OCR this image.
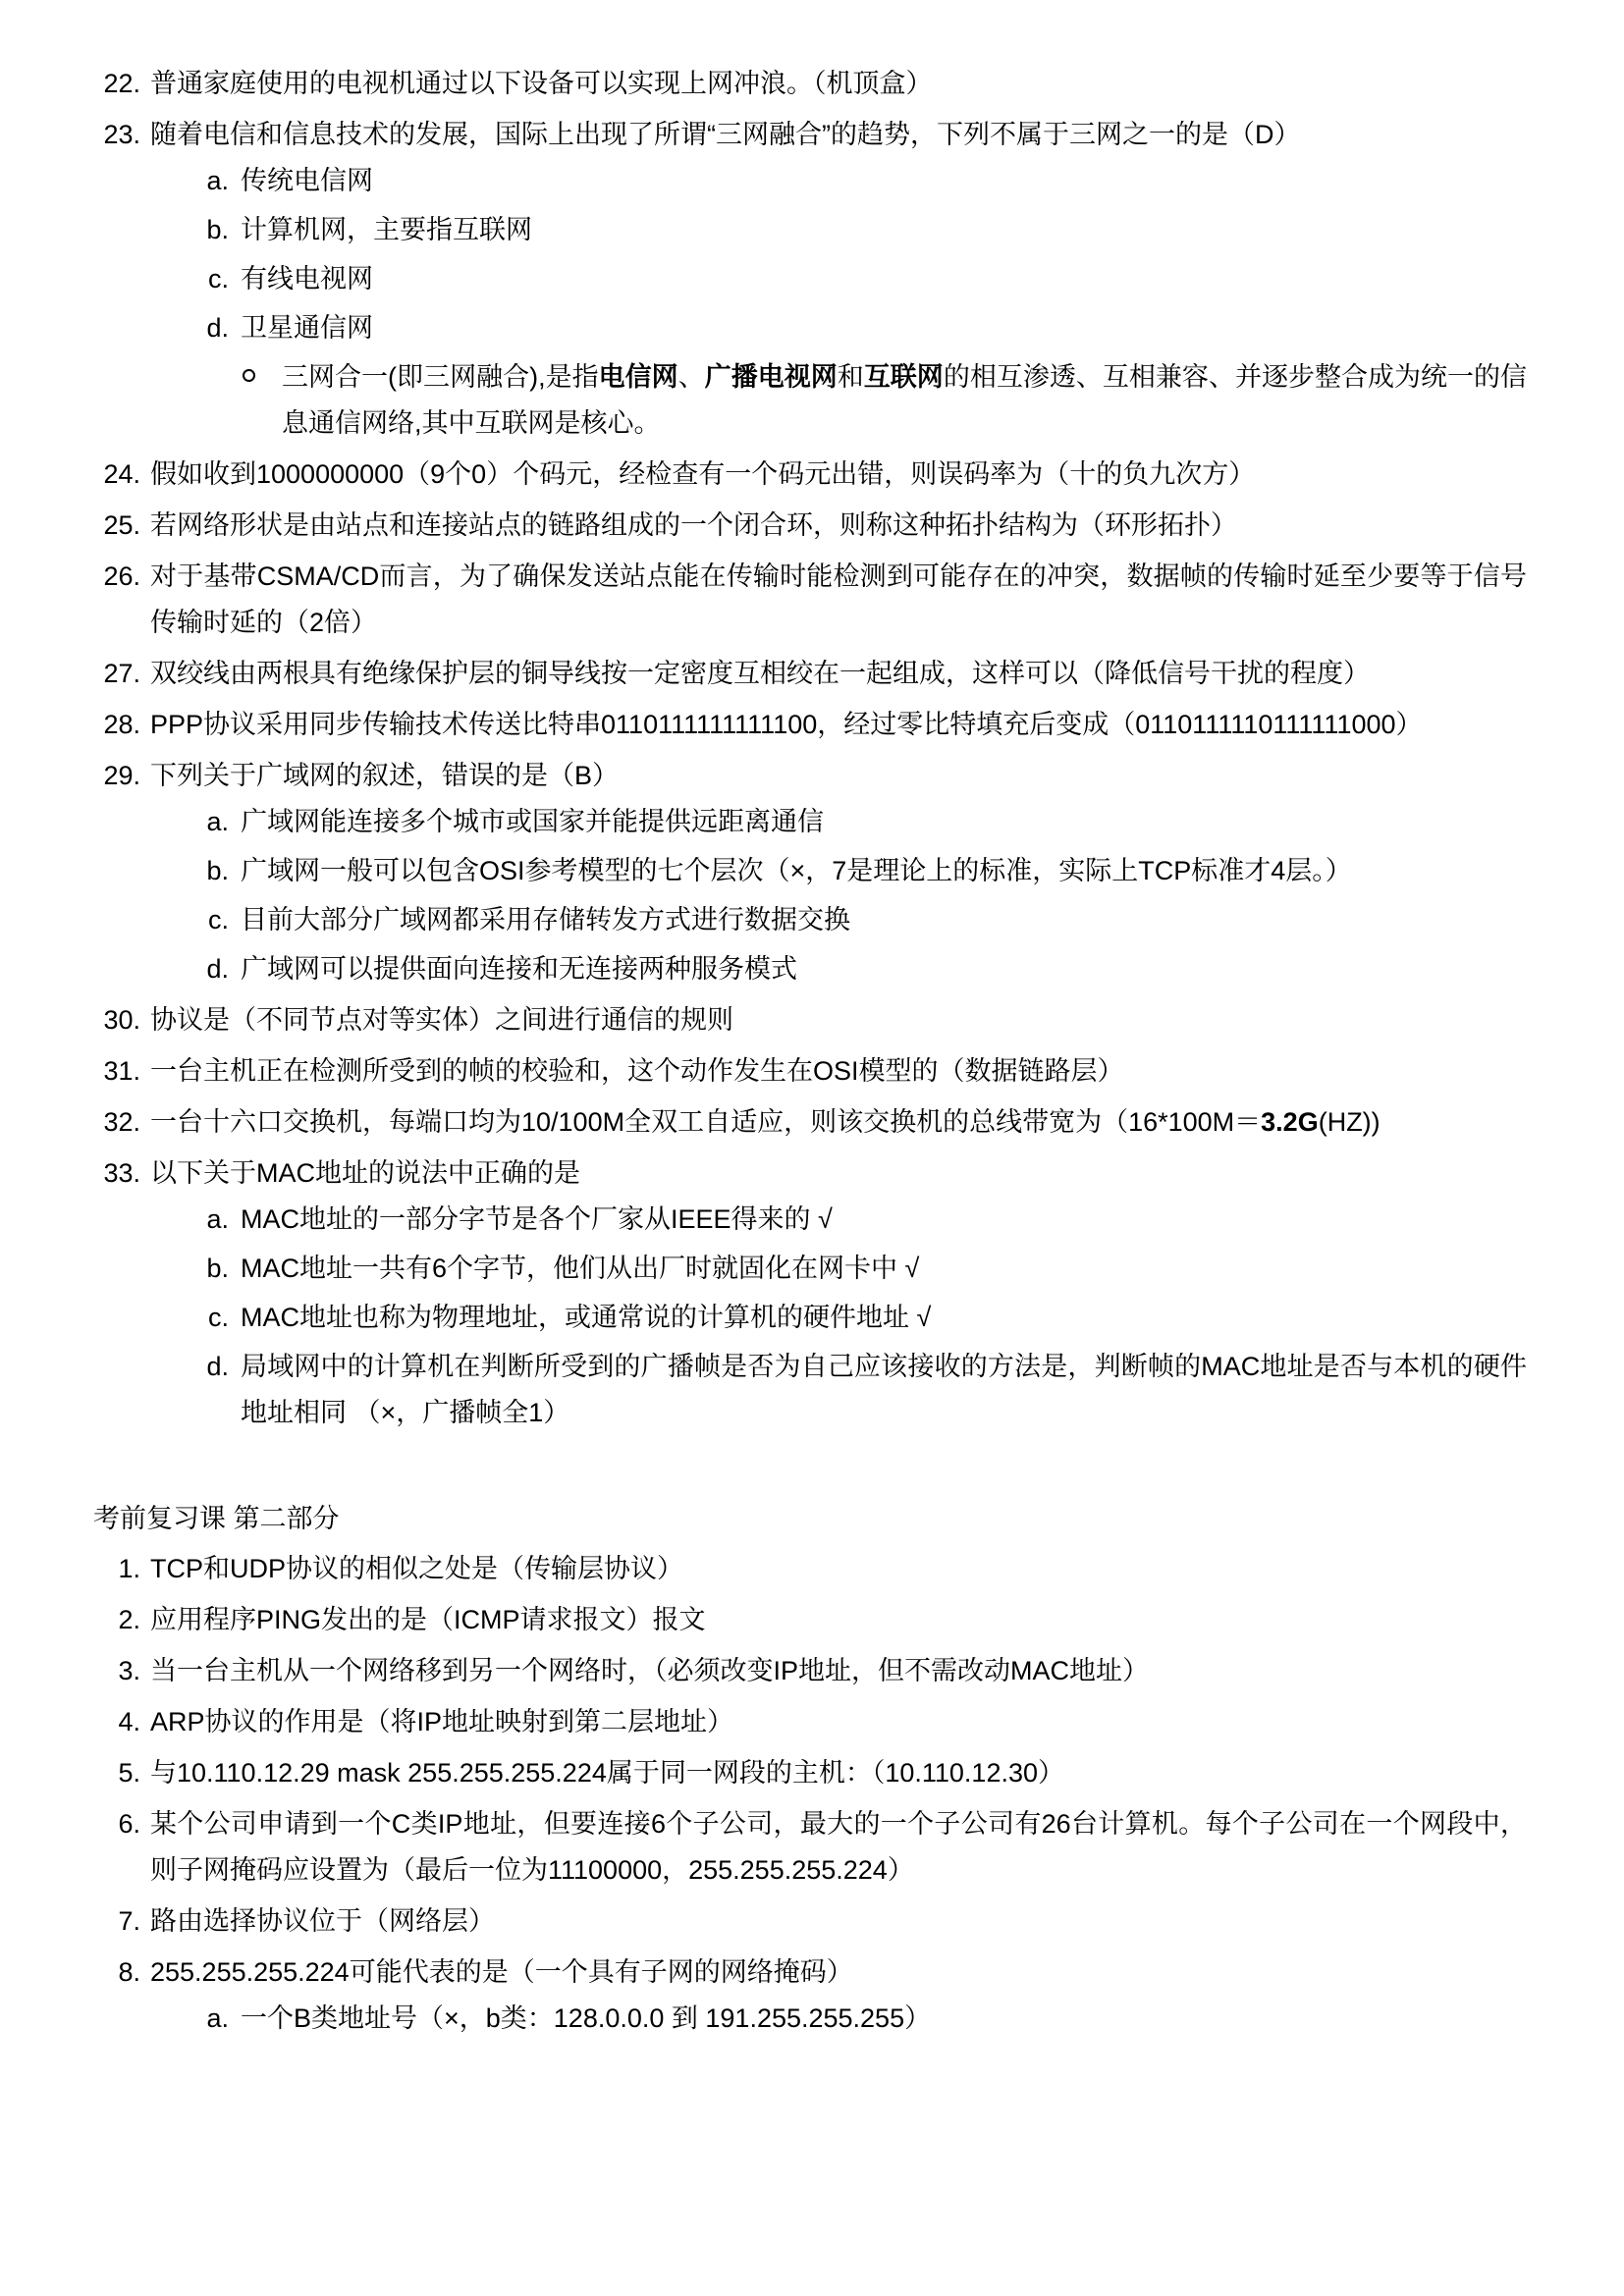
22. 普通家庭使用的电视机通过以下设备可以实现上网冲浪。（机顶盒）
23. 随着电信和信息技术的发展，国际上出现了所谓“三网融合”的趋势，下列不属于三网之一的是（D）
a. 传统电信网
b. 计算机网，主要指互联网
c. 有线电视网
d. 卫星通信网
三网合一(即三网融合),是指电信网、广播电视网和互联网的相互渗透、互相兼容、并逐步整合成为统一的信息通信网络,其中互联网是核心。
24. 假如收到1000000000（9个0）个码元，经检查有一个码元出错，则误码率为（十的负九次方）
25. 若网络形状是由站点和连接站点的链路组成的一个闭合环，则称这种拓扑结构为（环形拓扑）
26. 对于基带CSMA/CD而言，为了确保发送站点能在传输时能检测到可能存在的冲突，数据帧的传输时延至少要等于信号传输时延的（2倍）
27. 双绞线由两根具有绝缘保护层的铜导线按一定密度互相绞在一起组成，这样可以（降低信号干扰的程度）
28. PPP协议采用同步传输技术传送比特串0110111111111100，经过零比特填充后变成（0110111110111111000）
29. 下列关于广域网的叙述，错误的是（B）
a. 广域网能连接多个城市或国家并能提供远距离通信
b. 广域网一般可以包含OSI参考模型的七个层次（×，7是理论上的标准，实际上TCP标准才4层。）
c. 目前大部分广域网都采用存储转发方式进行数据交换
d. 广域网可以提供面向连接和无连接两种服务模式
30. 协议是（不同节点对等实体）之间进行通信的规则
31. 一台主机正在检测所受到的帧的校验和，这个动作发生在OSI模型的（数据链路层）
32. 一台十六口交换机，每端口均为10/100M全双工自适应，则该交换机的总线带宽为（16*100M＝3.2G(HZ))
33. 以下关于MAC地址的说法中正确的是
a. MAC地址的一部分字节是各个厂家从IEEE得来的 √
b. MAC地址一共有6个字节，他们从出厂时就固化在网卡中 √
c. MAC地址也称为物理地址，或通常说的计算机的硬件地址 √
d. 局域网中的计算机在判断所受到的广播帧是否为自己应该接收的方法是，判断帧的MAC地址是否与本机的硬件地址相同 （×，广播帧全1）
考前复习课 第二部分
1. TCP和UDP协议的相似之处是（传输层协议）
2. 应用程序PING发出的是（ICMP请求报文）报文
3. 当一台主机从一个网络移到另一个网络时，（必须改变IP地址，但不需改动MAC地址）
4. ARP协议的作用是（将IP地址映射到第二层地址）
5. 与10.110.12.29 mask 255.255.255.224属于同一网段的主机：（10.110.12.30）
6. 某个公司申请到一个C类IP地址，但要连接6个子公司，最大的一个子公司有26台计算机。每个子公司在一个网段中，则子网掩码应设置为（最后一位为11100000，255.255.255.224）
7. 路由选择协议位于（网络层）
8. 255.255.255.224可能代表的是（一个具有子网的网络掩码）
a. 一个B类地址号（×，b类：128.0.0.0 到 191.255.255.255）
